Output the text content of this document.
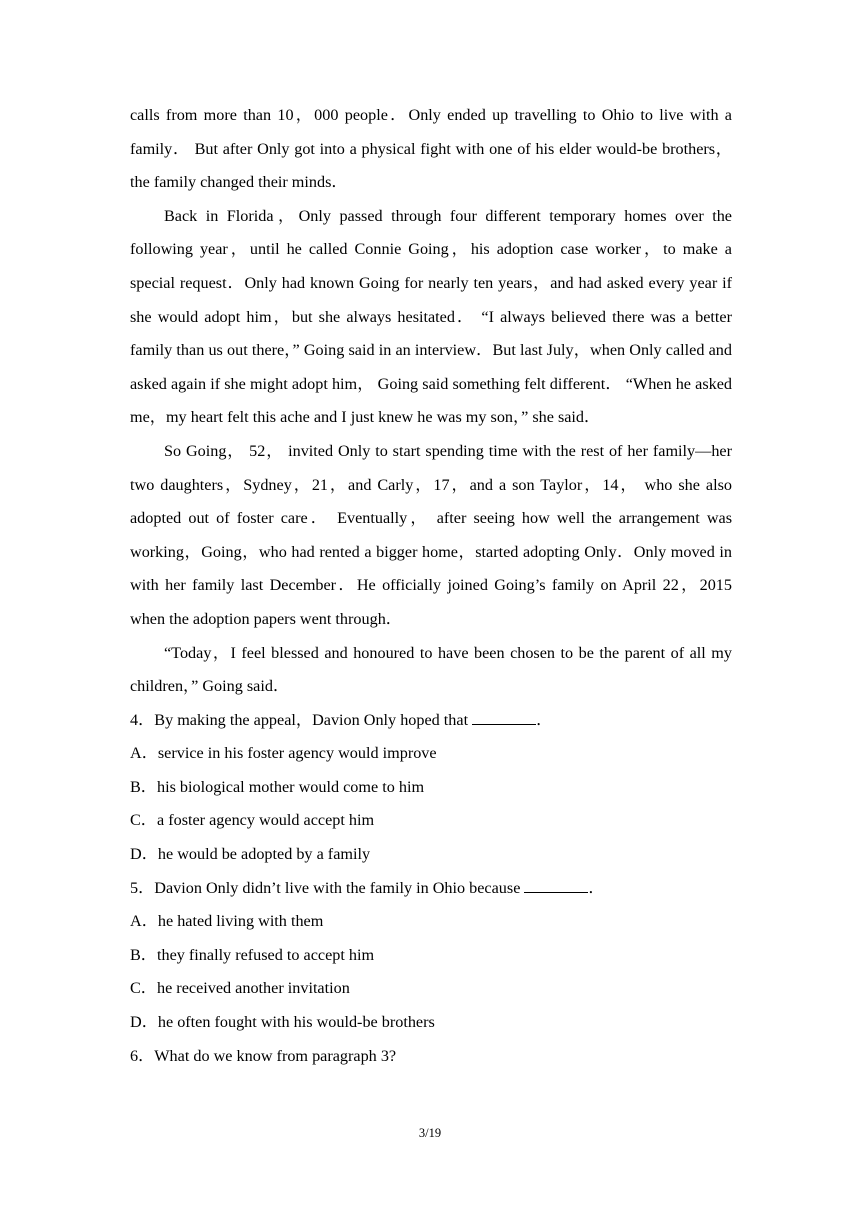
calls from more than 10，000 people．Only ended up travelling to Ohio to live with a family． But after Only got into a physical fight with one of his elder would-be brothers，the family changed their minds．

Back in Florida，Only passed through four different temporary homes over the following year，until he called Connie Going，his adoption case worker，to make a special request．Only had known Going for nearly ten years，and had asked every year if she would adopt him，but she always hesitated． “I always believed there was a better family than us out there，” Going said in an interview．But last July，when Only called and asked again if she might adopt him， Going said something felt different． “When he asked me，my heart felt this ache and I just knew he was my son，” she said．

So Going， 52， invited Only to start spending time with the rest of her family—her two daughters，Sydney，21，and Carly，17，and a son Taylor，14， who she also adopted out of foster care． Eventually， after seeing how well the arrangement was working，Going，who had rented a bigger home，started adopting Only．Only moved in with her family last December．He officially joined Going’s family on April 22，2015 when the adoption papers went through．

“Today，I feel blessed and honoured to have been chosen to be the parent of all my children，” Going said．

4．By making the appeal，Davion Only hoped that	．

A．service in his foster agency would improve

B．his biological mother would come to him

C．a foster agency would accept him

D．he would be adopted by a family

5．Davion Only didn’t live with the family in Ohio because	．

A．he hated living with them

B．they finally refused to accept him

C．he received another invitation

D．he often fought with his would-be brothers

6．What do we know from paragraph 3?

3/19
